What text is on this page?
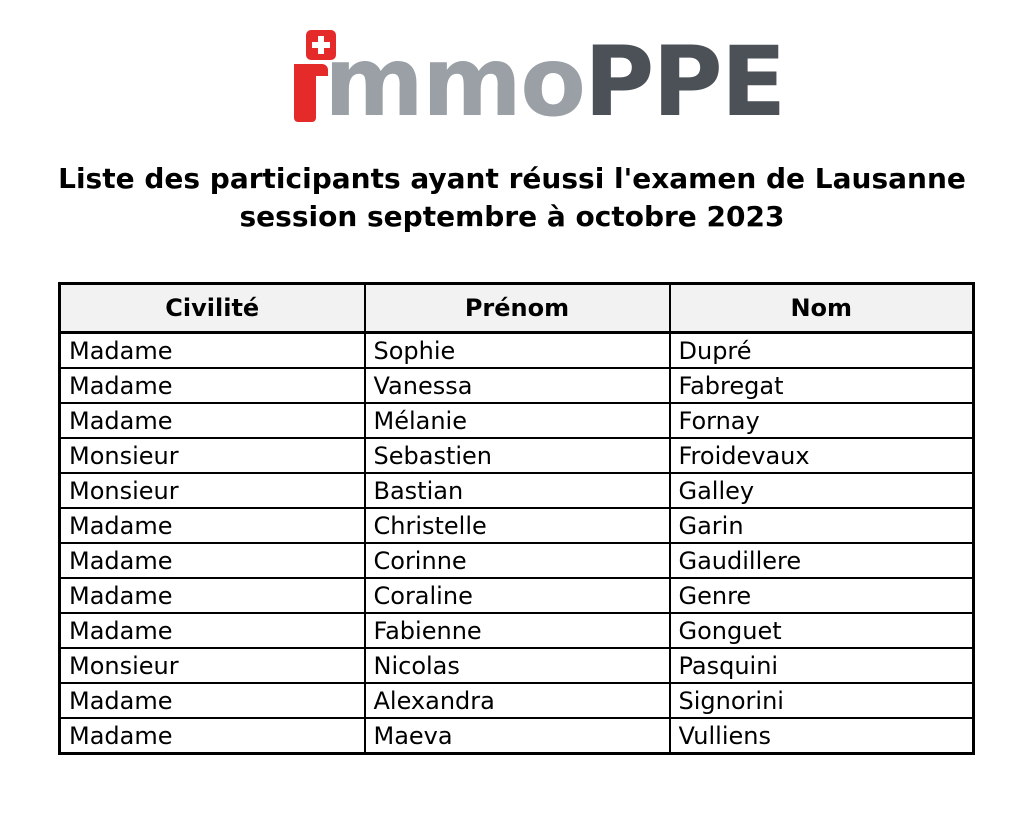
mmoPPE
Liste des participants ayant réussi l'examen de Lausanne
session septembre à octobre 2023
Civilité	Prénom	Nom
Madame	Sophie	Dupré
Madame	Vanessa	Fabregat
Madame	Mélanie	Fornay
Monsieur	Sebastien	Froidevaux
Monsieur	Bastian	Galley
Madame	Christelle	Garin
Madame	Corinne	Gaudillere
Madame	Coraline	Genre
Madame	Fabienne	Gonguet
Monsieur	Nicolas	Pasquini
Madame	Alexandra	Signorini
Madame	Maeva	Vulliens
